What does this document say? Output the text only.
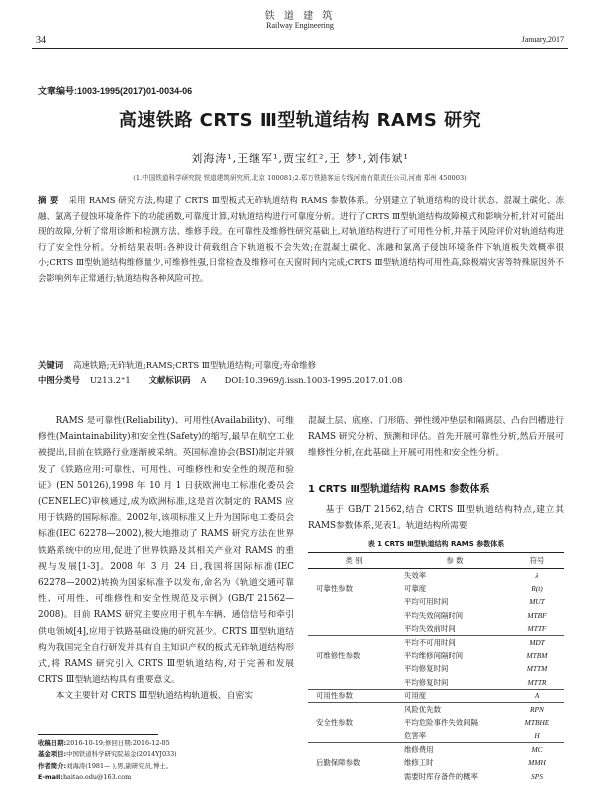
铁 道 建 筑
Railway Engineering
34	January,2017
文章编号:1003-1995(2017)01-0034-06
高速铁路 CRTS Ⅲ型轨道结构 RAMS 研究
刘海涛¹,王继军¹,贾宝红²,王 梦¹,刘伟斌¹
(1.中国铁道科学研究院 铁道建筑研究所,北京 100081;2.郑万铁路客运专线河南有限责任公司,河南 郑州 450003)
摘 要 采用 RAMS 研究方法,构建了 CRTS Ⅲ型板式无砟轨道结构 RAMS 参数体系。分别建立了轨道结构的设计状态、混凝土碳化、冻融、氯离子侵蚀环境条件下的功能函数,可靠度计算,对轨道结构进行可靠度分析。进行了CRTS Ⅲ型轨道结构故障模式和影响分析,针对可能出现的故障,分析了常用诊断和检测方法、维修手段。在可靠性及维修性研究基础上,对轨道结构进行了可用性分析,并基于风险评价对轨道结构进行了安全性分析。分析结果表明:各种设计荷载组合下轨道板不会失效;在混凝土碳化、冻融和氯离子侵蚀环境条件下轨道板失效概率很小;CRTS Ⅲ型轨道结构维修量少,可维修性强,日常检查及维修可在天窗时间内完成;CRTS Ⅲ型轨道结构可用性高,除极端灾害等特殊原因外不会影响列车正常通行;轨道结构各种风险可控。
关键词 高速铁路;无砟轨道;RAMS;CRTS Ⅲ型轨道结构;可靠度;寿命维修
中图分类号 U213.2⁺1 文献标识码 A DOI:10.3969/j.issn.1003-1995.2017.01.08
RAMS 是可靠性(Reliability)、可用性(Availability)、可维修性(Maintainability)和安全性(Safety)的缩写,最早在航空工业被提出,目前在铁路行业逐渐被采纳。英国标准协会(BSI)制定并颁发了《铁路应用:可靠性、可用性、可维修性和安全性的规范和验证》(EN 50126),1998 年 10 月 1 日获欧洲电工标准化委员会(CENELEC)审核通过,成为欧洲标准,这是首次制定的 RAMS 应用于铁路的国际标准。2002年,该项标准又上升为国际电工委员会标准(IEC 62278—2002),极大地推动了 RAMS 研究方法在世界铁路系统中的应用,促进了世界铁路及其相关产业对 RAMS 的重视与发展[1-3]。2008 年 3 月 24 日,我国将国际标准(IEC 62278—2002)转换为国家标准予以发布,命名为《轨道交通可靠性、可用性、可维修性和安全性规范及示例》(GB/T 21562—2008)。目前 RAMS 研究主要应用于机车车辆、通信信号和牵引供电领域[4],应用于铁路基础设施的研究甚少。CRTS Ⅲ型轨道结构为我国完全自行研发并具有自主知识产权的板式无砟轨道结构形式,将 RAMS 研究引入 CRTS Ⅲ型轨道结构,对于完善和发展 CRTS Ⅲ型轨道结构具有重要意义。
本文主要针对 CRTS Ⅲ型轨道结构轨道板、自密实
混凝土层、底座、门形筋、弹性缓冲垫层和隔离层、凸台凹槽进行 RAMS 研究分析、预测和评估。首先开展可靠性分析,然后开展可维修性分析,在此基础上开展可用性和安全性分析。
1 CRTS Ⅲ型轨道结构 RAMS 参数体系
基于 GB/T 21562,结合 CRTS Ⅲ型轨道结构特点,建立其RAMS参数体系,见表1。轨道结构所需要
表 1 CRTS Ⅲ型轨道结构 RAMS 参数体系
类 别	参 数	符号
	失效率	λ
可靠性参数	可靠度	R(t)
	平均可用时间	MUT
	平均失效间隔时间	MTBF
	平均失效前时间	MTTF
	平均不可用时间	MDT
可维修性参数	平均维修间隔时间	MTBM
	平均修复时间	MTTM
	平均修复时间	MTTR
可用性参数	可用度	A
	风险优先数	RPN
安全性参数	平均危险事件失效间隔	MTBHE
	危害率	H
	维修费用	MC
后勤保障参数	维修工时	MMH
	需要时库存备件的概率	SPS
收稿日期:2016-10-19;修回日期:2016-12-05
基金项目:中国铁道科学研究院基金(2014YJ033)
作者简介:刘海涛(1981— ),男,副研究员,博士。
E-mail:haitao.edu@163.com
